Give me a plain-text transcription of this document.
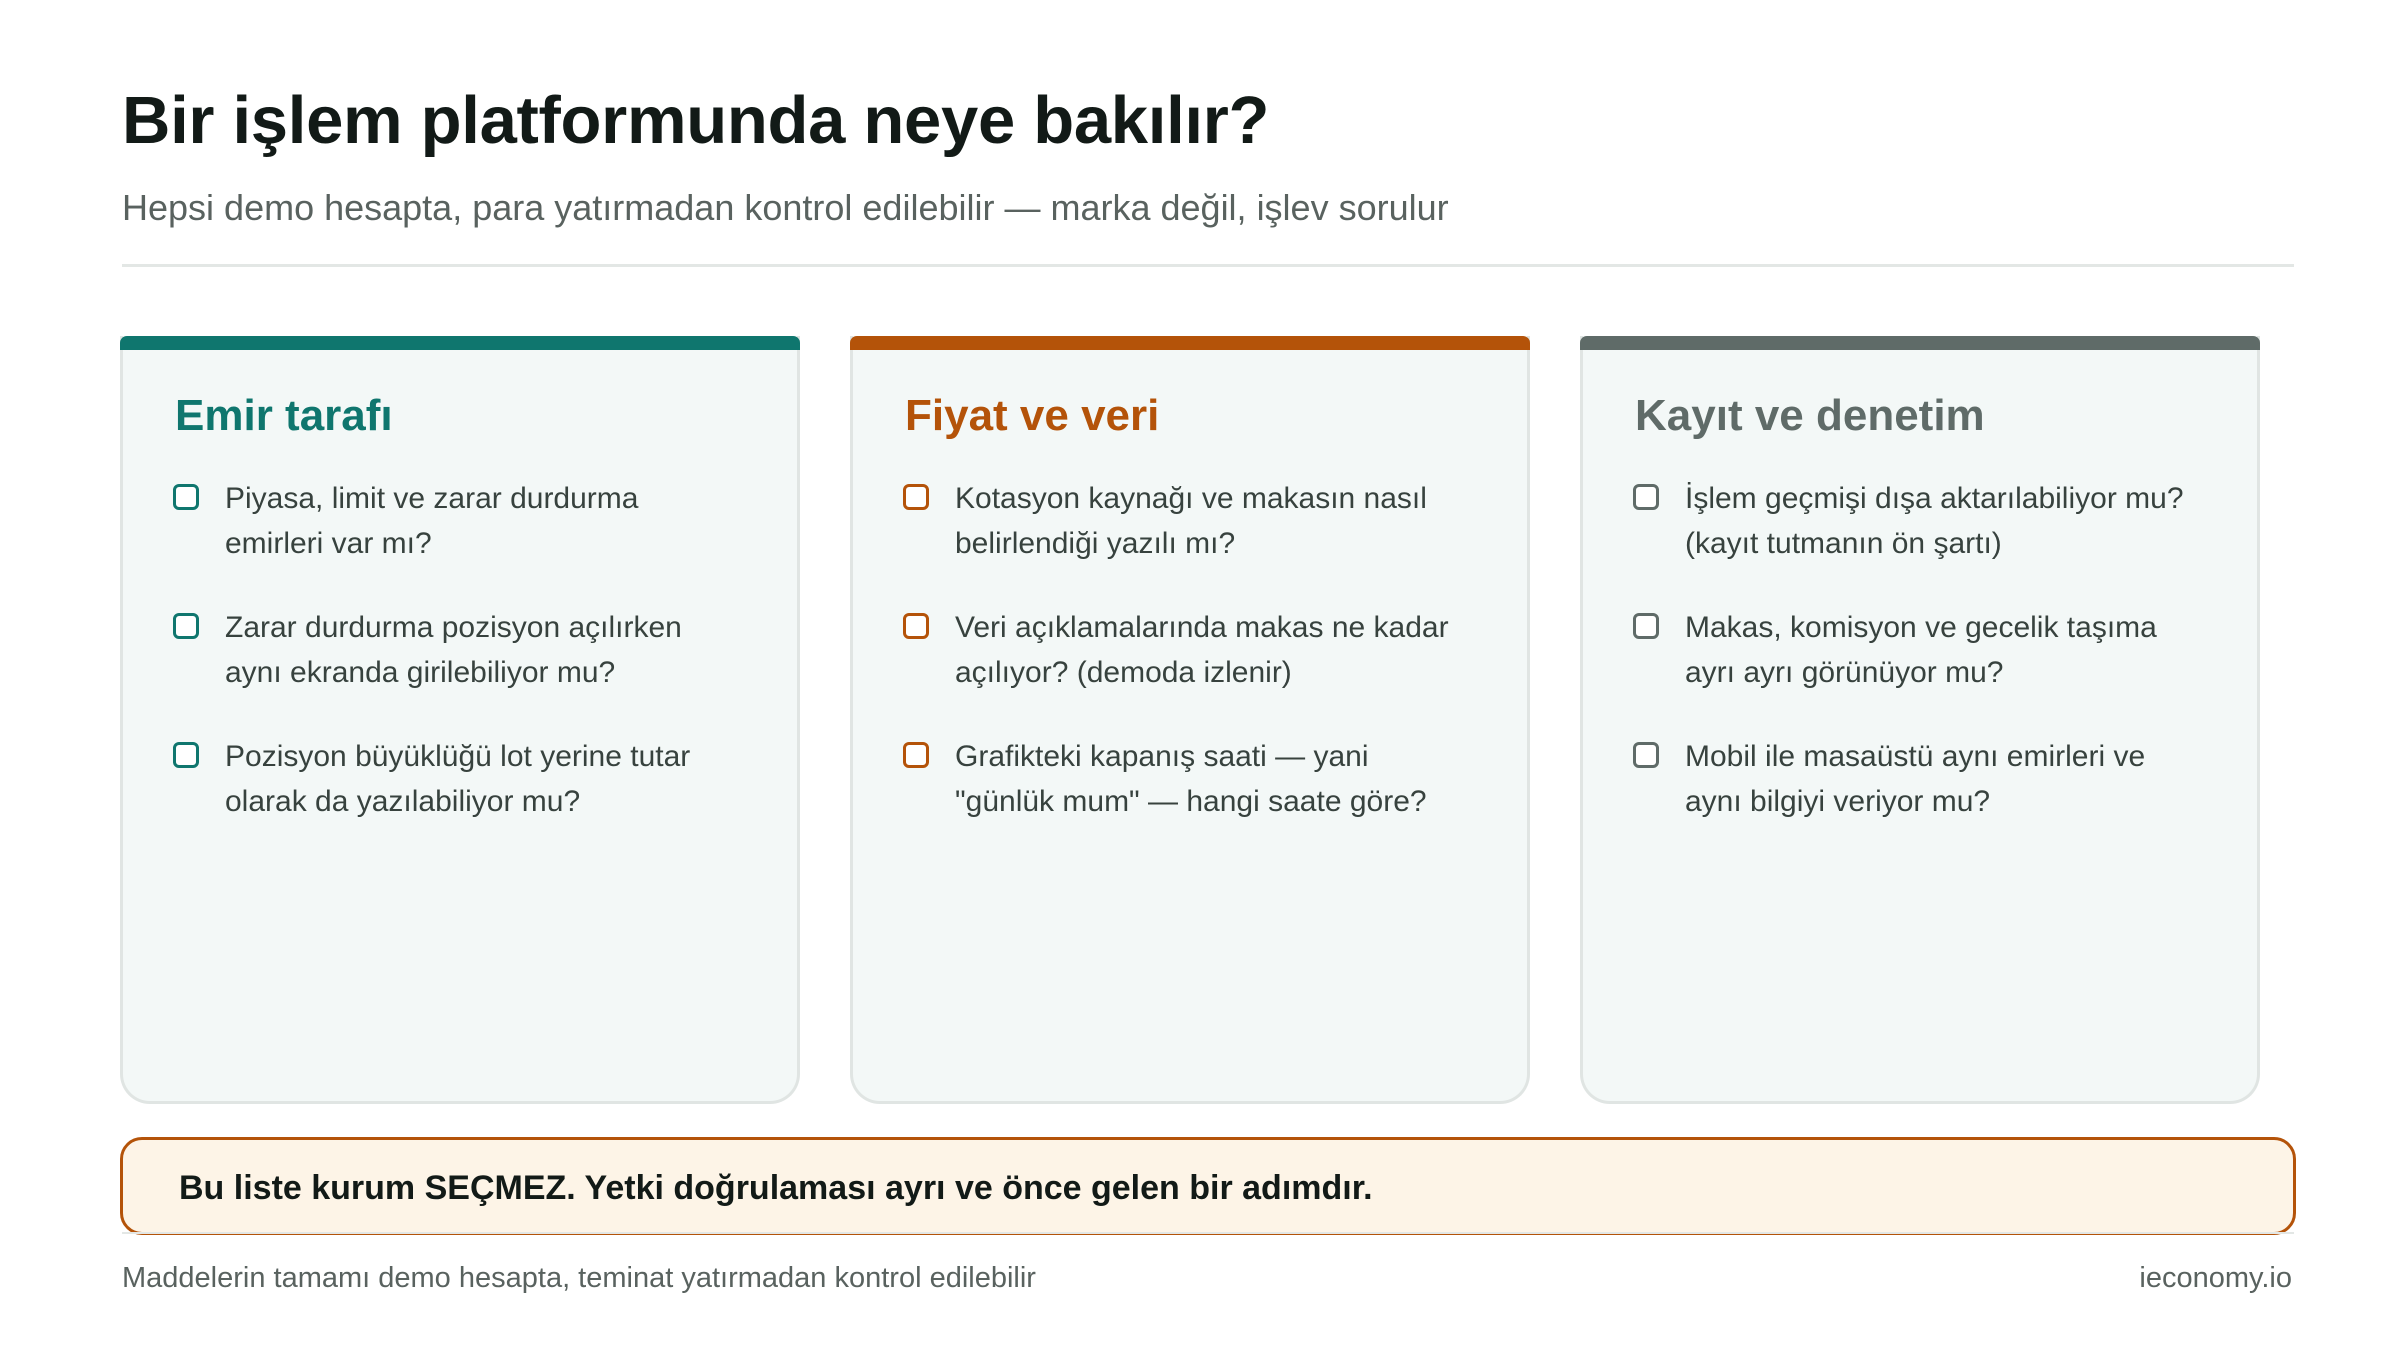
Bir işlem platformunda neye bakılır?

Hepsi demo hesapta, para yatırmadan kontrol edilebilir — marka değil, işlev sorulur

Emir tarafı
Piyasa, limit ve zarar durdurma emirleri var mı?
Zarar durdurma pozisyon açılırken aynı ekranda girilebiliyor mu?
Pozisyon büyüklüğü lot yerine tutar olarak da yazılabiliyor mu?
Fiyat ve veri
Kotasyon kaynağı ve makasın nasıl belirlendiği yazılı mı?
Veri açıklamalarında makas ne kadar açılıyor? (demoda izlenir)
Grafikteki kapanış saati — yani "günlük mum" — hangi saate göre?
Kayıt ve denetim
İşlem geçmişi dışa aktarılabiliyor mu? (kayıt tutmanın ön şartı)
Makas, komisyon ve gecelik taşıma ayrı ayrı görünüyor mu?
Mobil ile masaüstü aynı emirleri ve aynı bilgiyi veriyor mu?

Bu liste kurum SEÇMEZ. Yetki doğrulaması ayrı ve önce gelen bir adımdır.

Maddelerin tamamı demo hesapta, teminat yatırmadan kontrol edilebilir	ieconomy.io
